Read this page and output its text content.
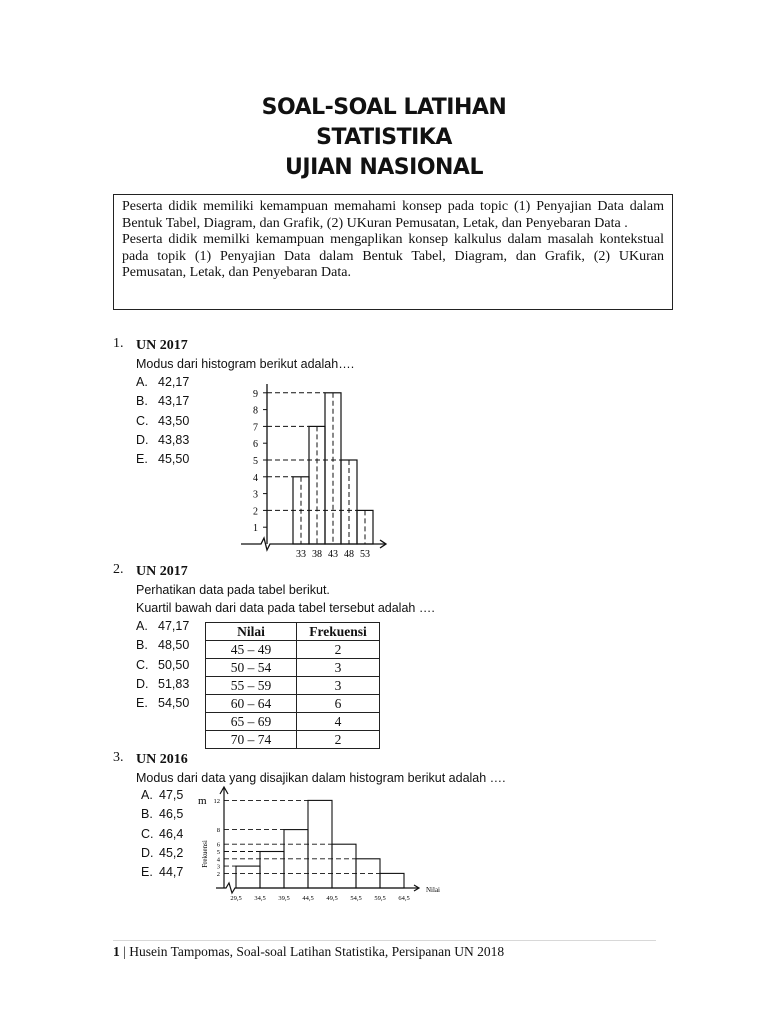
SOAL-SOAL LATIHAN
STATISTIKA
UJIAN NASIONAL

Peserta didik memiliki kemampuan memahami konsep pada topic (1) Penyajian Data dalam Bentuk Tabel, Diagram, dan Grafik, (2) UKuran Pemusatan, Letak, dan Penyebaran Data .

Peserta didik memilki kemampuan mengaplikan konsep kalkulus dalam masalah kontekstual pada topik (1) Penyajian Data dalam Bentuk Tabel, Diagram, dan Grafik, (2) UKuran Pemusatan, Letak, dan Penyebaran Data.

1. UN 2017
Modus dari histogram berikut adalah….
A. 42,17
B. 43,17
C. 43,50
D. 43,83
E. 45,50
1
2
3
4
5
6
7
8
9
33 38 43 48 53
2. UN 2017
Perhatikan data pada tabel berikut.
Kuartil bawah dari data pada tabel tersebut adalah ….
A. 47,17
B. 48,50
C. 50,50
D. 51,83
E. 54,50
Nilai	Frekuensi
45 – 49	2
50 – 54	3
55 – 59	3
60 – 64	6
65 – 69	4
70 – 74	2
3. UN 2016
Modus dari data yang disajikan dalam histogram berikut adalah ….
A. 47,5
B. 46,5
C. 46,4
D. 45,2
E. 44,7
m
Nilai
Frekuensi
2
3
4
5
6
8
12
29,5 34,5 39,5 44,5 49,5 54,5 59,5 64,5
1 | Husein Tampomas, Soal-soal Latihan Statistika, Persipanan UN 2018
